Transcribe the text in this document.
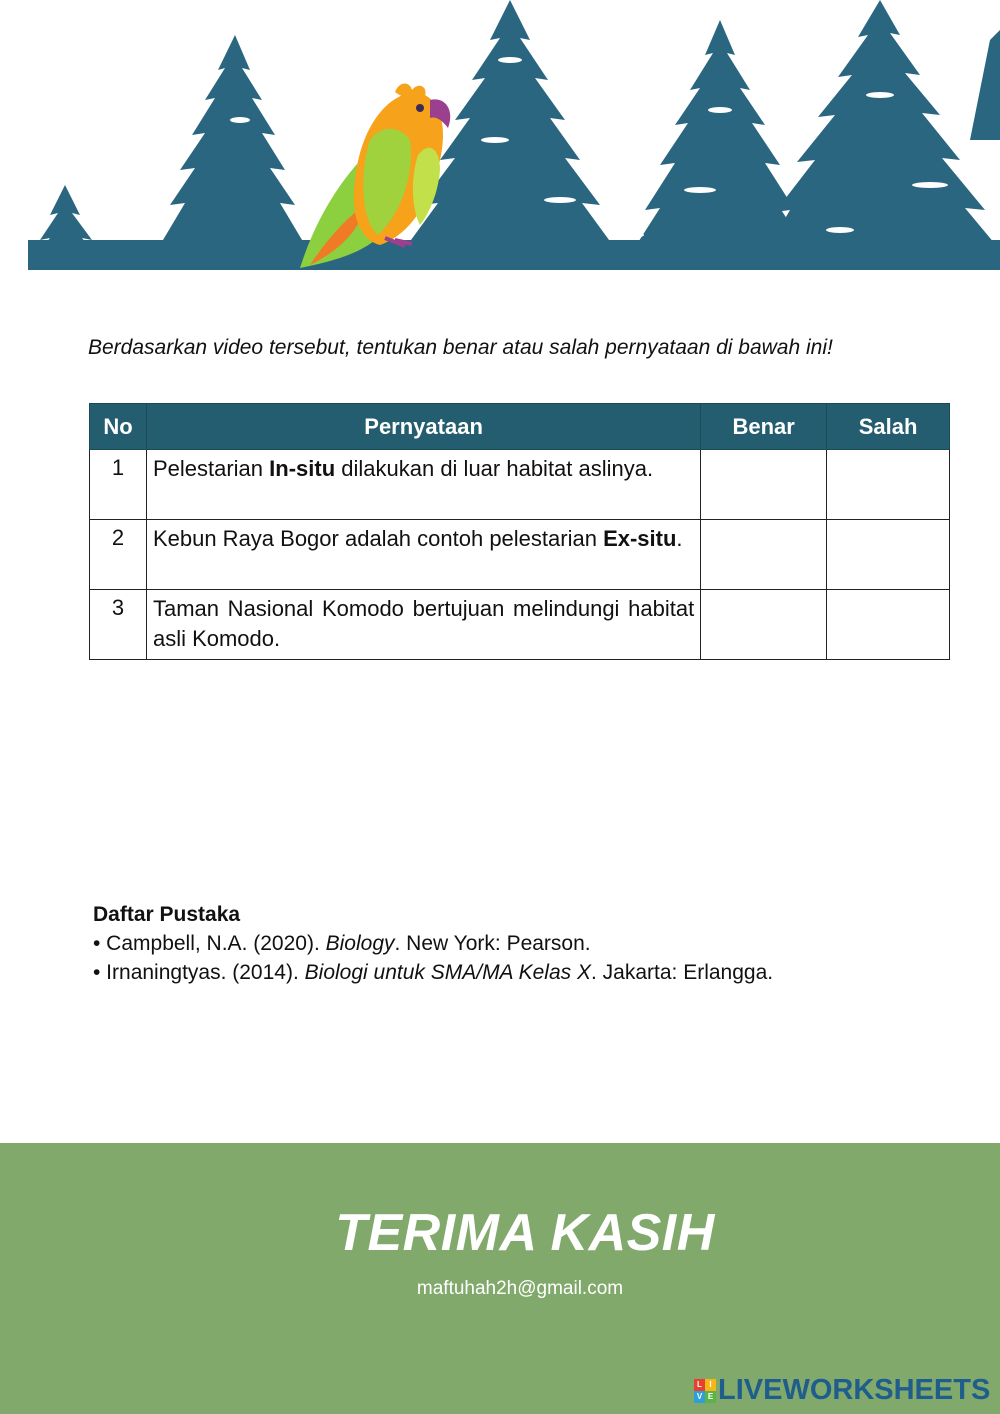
Berdasarkan video tersebut, tentukan benar atau salah pernyataan di bawah ini!
No	Pernyataan	Benar	Salah
1	Pelestarian In-situ dilakukan di luar habitat aslinya.		
2	Kebun Raya Bogor adalah contoh pelestarian Ex-situ.		
3	Taman Nasional Komodo bertujuan melindungi habitat asli Komodo.		
Daftar Pustaka
• Campbell, N.A. (2020). Biology. New York: Pearson.
• Irnaningtyas. (2014). Biologi untuk SMA/MA Kelas X. Jakarta: Erlangga.
TERIMA KASIH
maftuhah2h@gmail.com
L I
V E LIVEWORKSHEETS
